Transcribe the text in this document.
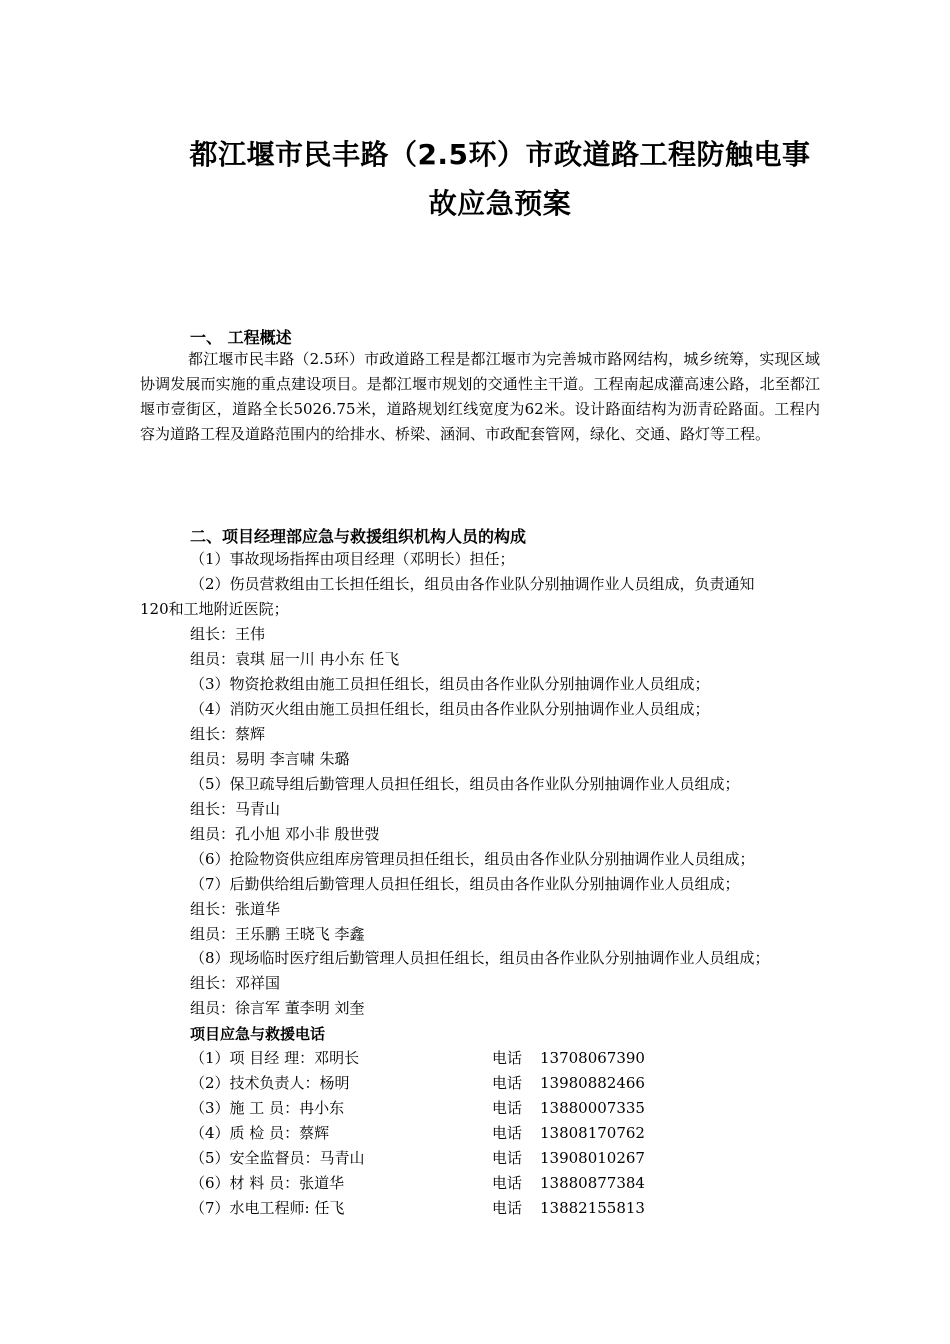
都江堰市民丰路（2.5环）市政道路工程防触电事
故应急预案
一、 工程概述

都江堰市民丰路（2.5环）市政道路工程是都江堰市为完善城市路网结构，城乡统筹，实现区域协调发展而实施的重点建设项目。是都江堰市规划的交通性主干道。工程南起成灌高速公路，北至都江堰市壹街区，道路全长5026.75米，道路规划红线宽度为62米。设计路面结构为沥青砼路面。工程内容为道路工程及道路范围内的给排水、桥梁、涵洞、市政配套管网，绿化、交通、路灯等工程。

二、项目经理部应急与救援组织机构人员的构成
（1）事故现场指挥由项目经理（邓明长）担任；
（2）伤员营救组由工长担任组长，组员由各作业队分别抽调作业人员组成，负责通知
120和工地附近医院；
组长：王伟
组员：袁琪 屈一川 冉小东 任飞
（3）物资抢救组由施工员担任组长，组员由各作业队分别抽调作业人员组成；
（4）消防灭火组由施工员担任组长，组员由各作业队分别抽调作业人员组成；
组长：蔡辉
组员：易明 李言啸 朱璐
（5）保卫疏导组后勤管理人员担任组长，组员由各作业队分别抽调作业人员组成；
组长：马青山
组员：孔小旭 邓小非 殷世弢
（6）抢险物资供应组库房管理员担任组长，组员由各作业队分别抽调作业人员组成；
（7）后勤供给组后勤管理人员担任组长，组员由各作业队分别抽调作业人员组成；
组长：张道华
组员：王乐鹏 王晓飞 李鑫
（8）现场临时医疗组后勤管理人员担任组长，组员由各作业队分别抽调作业人员组成；
组长：邓祥国
组员：徐言军 董李明 刘奎
项目应急与救援电话
（1）项 目经 理：邓明长	电话 13708067390
（2）技术负责人：杨明	电话 13980882466
（3）施 工 员：冉小东	电话 13880007335
（4）质 检 员：蔡辉	电话 13808170762
（5）安全监督员：马青山	电话 13908010267
（6）材 料 员：张道华	电话 13880877384
（7）水电工程师: 任飞	电话 13882155813
